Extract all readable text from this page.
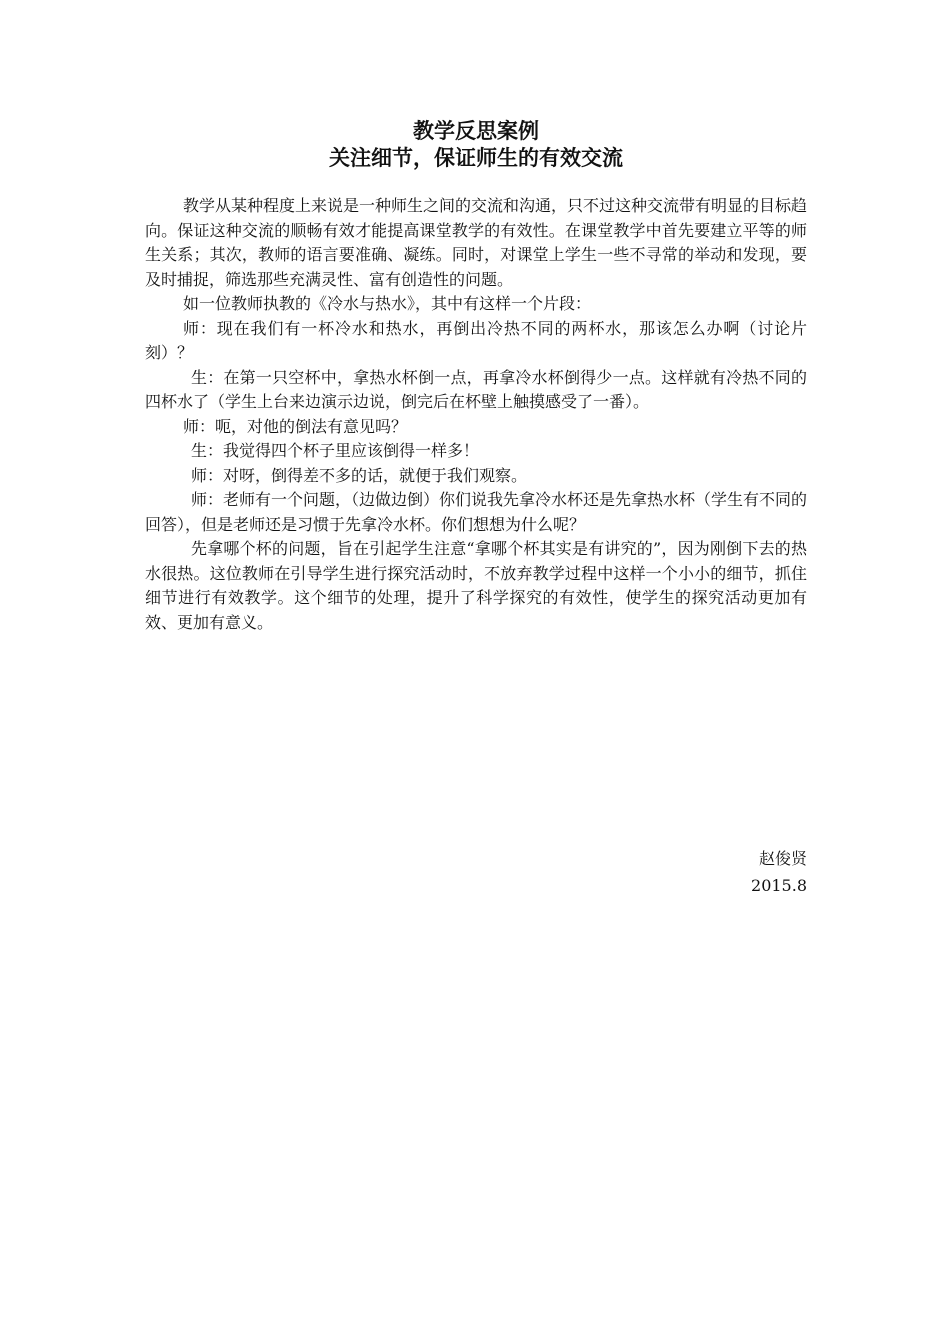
教学反思案例
关注细节，保证师生的有效交流

教学从某种程度上来说是一种师生之间的交流和沟通，只不过这种交流带有明显的目标趋向。保证这种交流的顺畅有效才能提高课堂教学的有效性。在课堂教学中首先要建立平等的师生关系；其次，教师的语言要准确、凝练。同时，对课堂上学生一些不寻常的举动和发现，要及时捕捉，筛选那些充满灵性、富有创造性的问题。

如一位教师执教的《冷水与热水》，其中有这样一个片段：

师：现在我们有一杯冷水和热水，再倒出冷热不同的两杯水，那该怎么办啊（讨论片刻）？

生：在第一只空杯中，拿热水杯倒一点，再拿冷水杯倒得少一点。这样就有冷热不同的四杯水了（学生上台来边演示边说，倒完后在杯壁上触摸感受了一番）。

师：呃，对他的倒法有意见吗？

生：我觉得四个杯子里应该倒得一样多！

师：对呀，倒得差不多的话，就便于我们观察。

师：老师有一个问题，（边做边倒）你们说我先拿冷水杯还是先拿热水杯（学生有不同的回答），但是老师还是习惯于先拿冷水杯。你们想想为什么呢？

先拿哪个杯的问题，旨在引起学生注意“拿哪个杯其实是有讲究的”，因为刚倒下去的热水很热。这位教师在引导学生进行探究活动时，不放弃教学过程中这样一个小小的细节，抓住细节进行有效教学。这个细节的处理，提升了科学探究的有效性，使学生的探究活动更加有效、更加有意义。

赵俊贤
2015.8
